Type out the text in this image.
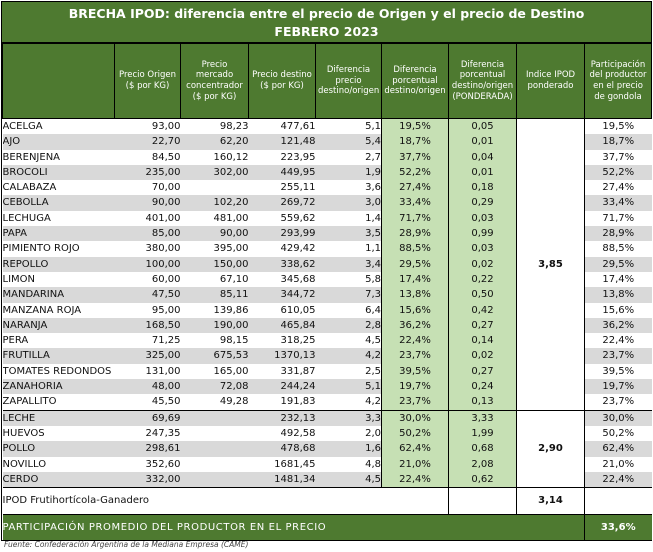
BRECHA IPOD: diferencia entre el precio de Origen y el precio de Destino
FEBRERO 2023
	Precio Origen ($ por KG)	Precio mercado concentrador ($ por KG)	Precio destino ($ por KG)	Diferencia precio destino/origen	Diferencia porcentual destino/origen	Diferencia porcentual destino/origen (PONDERADA)	Indice IPOD ponderado	Participación del productor en el precio de gondola
ACELGA	93,00	98,23	477,61	5,1	19,5%	0,05	3,85	19,5%
AJO	22,70	62,20	121,48	5,4	18,7%	0,01		18,7%
BERENJENA	84,50	160,12	223,95	2,7	37,7%	0,04		37,7%
BROCOLI	235,00	302,00	449,95	1,9	52,2%	0,01		52,2%
CALABAZA	70,00		255,11	3,6	27,4%	0,18		27,4%
CEBOLLA	90,00	102,20	269,72	3,0	33,4%	0,29		33,4%
LECHUGA	401,00	481,00	559,62	1,4	71,7%	0,03		71,7%
PAPA	85,00	90,00	293,99	3,5	28,9%	0,99		28,9%
PIMIENTO ROJO	380,00	395,00	429,42	1,1	88,5%	0,03		88,5%
REPOLLO	100,00	150,00	338,62	3,4	29,5%	0,02		29,5%
LIMON	60,00	67,10	345,68	5,8	17,4%	0,22		17,4%
MANDARINA	47,50	85,11	344,72	7,3	13,8%	0,50		13,8%
MANZANA ROJA	95,00	139,86	610,05	6,4	15,6%	0,42		15,6%
NARANJA	168,50	190,00	465,84	2,8	36,2%	0,27		36,2%
PERA	71,25	98,15	318,25	4,5	22,4%	0,14		22,4%
FRUTILLA	325,00	675,53	1370,13	4,2	23,7%	0,02		23,7%
TOMATES REDONDOS	131,00	165,00	331,87	2,5	39,5%	0,27		39,5%
ZANAHORIA	48,00	72,08	244,24	5,1	19,7%	0,24		19,7%
ZAPALLITO	45,50	49,28	191,83	4,2	23,7%	0,13		23,7%
LECHE	69,69		232,13	3,3	30,0%	3,33	2,90	30,0%
HUEVOS	247,35		492,58	2,0	50,2%	1,99		50,2%
POLLO	298,61		478,68	1,6	62,4%	0,68		62,4%
NOVILLO	352,60		1681,45	4,8	21,0%	2,08		21,0%
CERDO	332,00		1481,34	4,5	22,4%	0,62		22,4%
IPOD Frutihortícola-Ganadero							3,14	
PARTICIPACIÓN PROMEDIO DEL PRODUCTOR EN EL PRECIO								33,6%
Fuente: Confederación Argentina de la Mediana Empresa (CAME)
